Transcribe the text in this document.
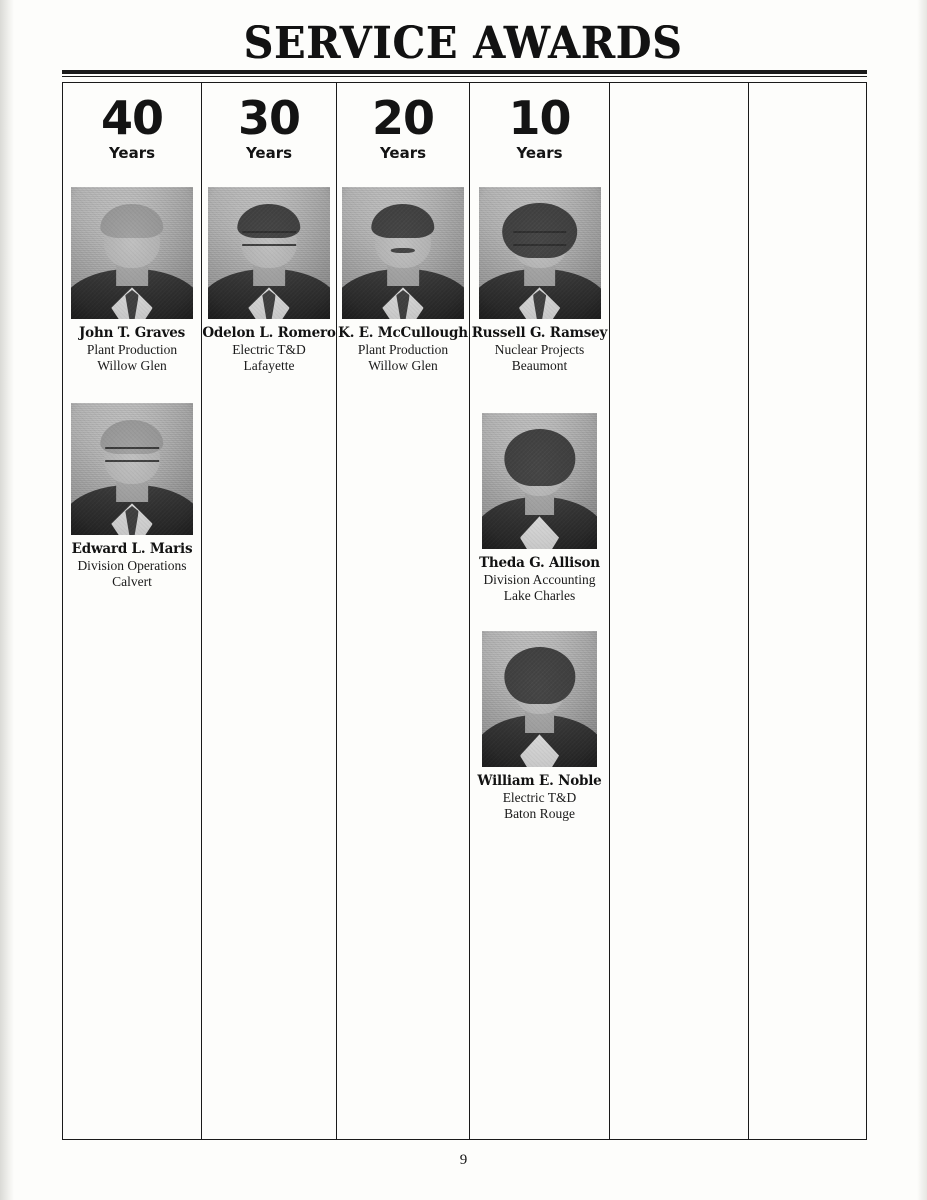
SERVICE AWARDS
40
Years
John T. Graves
Plant Production
Willow Glen
Edward L. Maris
Division Operations
Calvert
30
Years
Odelon L. Romero
Electric T&D
Lafayette
20
Years
K. E. McCullough
Plant Production
Willow Glen
10
Years
Russell G. Ramsey
Nuclear Projects
Beaumont
Theda G. Allison
Division Accounting
Lake Charles
William E. Noble
Electric T&D
Baton Rouge
9
